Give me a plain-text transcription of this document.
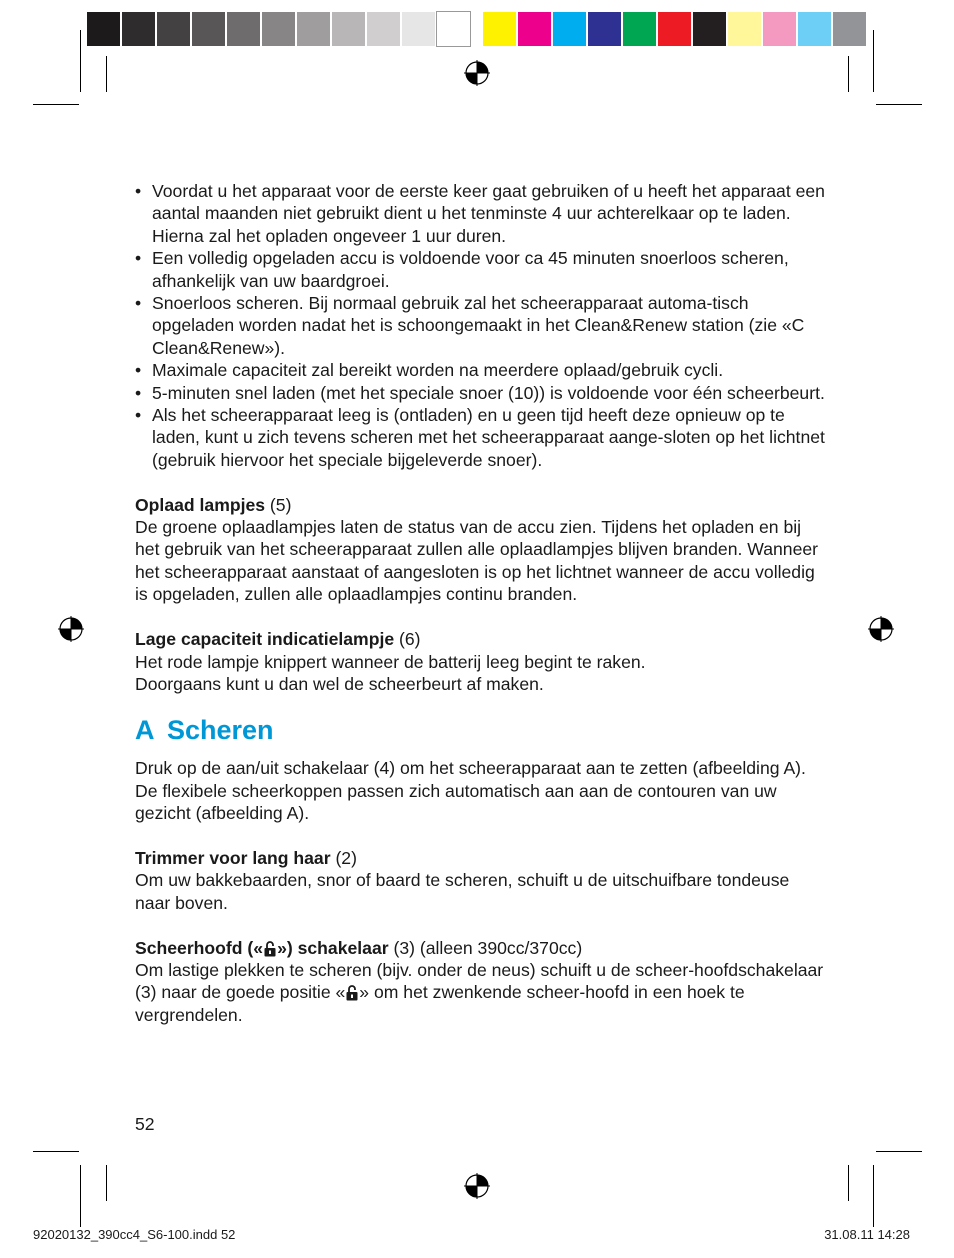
• Voordat u het apparaat voor de eerste keer gaat gebruiken of u heeft het apparaat een aantal maanden niet gebruikt dient u het tenminste 4 uur achterelkaar op te laden. Hierna zal het opladen ongeveer 1 uur duren.
• Een volledig opgeladen accu is voldoende voor ca 45 minuten snoerloos scheren, afhankelijk van uw baardgroei.
• Snoerloos scheren. Bij normaal gebruik zal het scheerapparaat automa-tisch opgeladen worden nadat het is schoongemaakt in het Clean&Renew station (zie «C Clean&Renew»).
• Maximale capaciteit zal bereikt worden na meerdere oplaad/gebruik cycli.
• 5-minuten snel laden (met het speciale snoer (10)) is voldoende voor één scheerbeurt.
• Als het scheerapparaat leeg is (ontladen) en u geen tijd heeft deze opnieuw op te laden, kunt u zich tevens scheren met het scheerapparaat aange-sloten op het lichtnet (gebruik hiervoor het speciale bijgeleverde snoer).

Oplaad lampjes (5)

De groene oplaadlampjes laten de status van de accu zien. Tijdens het opladen en bij het gebruik van het scheerapparaat zullen alle oplaadlampjes blijven branden. Wanneer het scheerapparaat aanstaat of aangesloten is op het lichtnet wanneer de accu volledig is opgeladen, zullen alle oplaadlampjes continu branden.

Lage capaciteit indicatielampje (6)

Het rode lampje knippert wanneer de batterij leeg begint te raken.

Doorgaans kunt u dan wel de scheerbeurt af maken.

A Scheren

Druk op de aan/uit schakelaar (4) om het scheerapparaat aan te zetten (afbeelding A).

De flexibele scheerkoppen passen zich automatisch aan aan de contouren van uw gezicht (afbeelding A).

Trimmer voor lang haar (2)

Om uw bakkebaarden, snor of baard te scheren, schuift u de uitschuifbare tondeuse naar boven.

Scheerhoofd (« ») schakelaar (3) (alleen 390cc/370cc)

Om lastige plekken te scheren (bijv. onder de neus) schuift u de scheer-hoofdschakelaar (3) naar de goede positie « » om het zwenkende scheer-hoofd in een hoek te vergrendelen.

52
92020132_390cc4_S6-100.indd 52	31.08.11 14:28
